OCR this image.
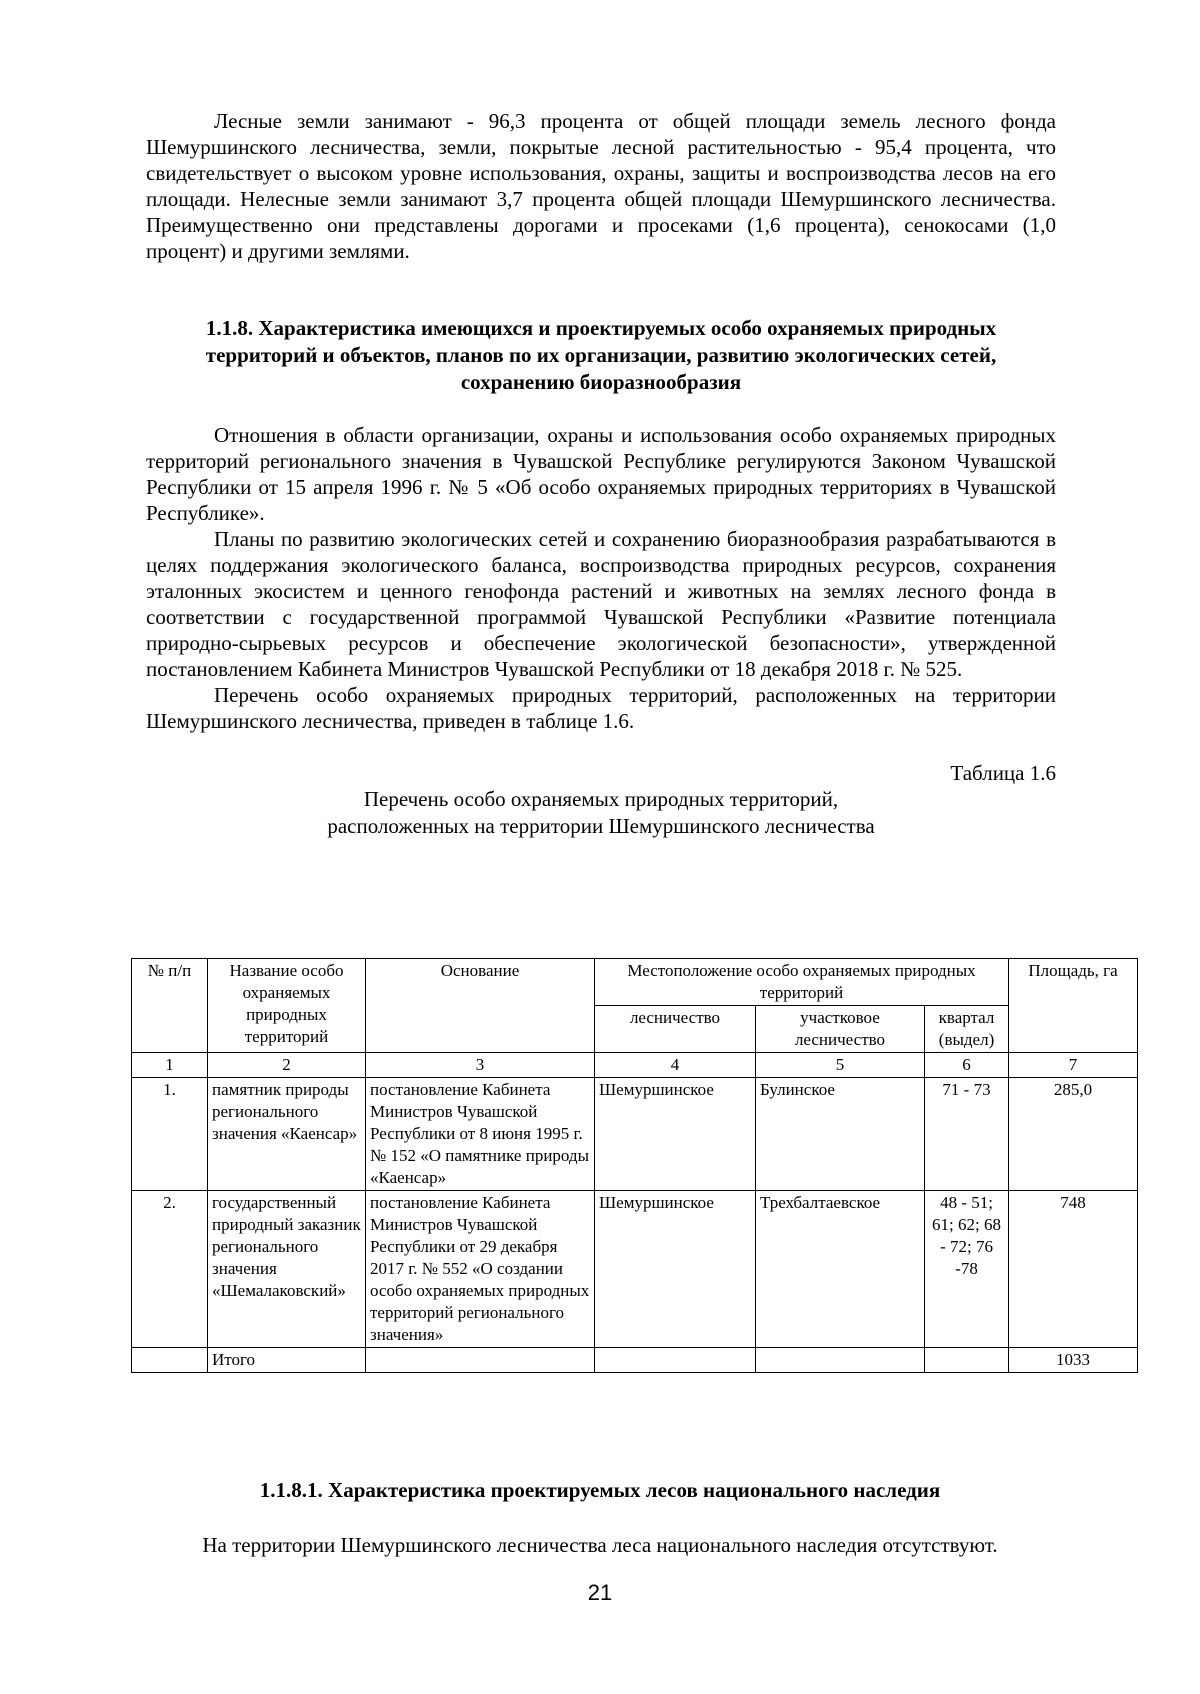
Лесные земли занимают - 96,3 процента от общей площади земель лесного фонда Шемуршинского лесничества, земли, покрытые лесной растительностью - 95,4 процента, что свидетельствует о высоком уровне использования, охраны, защиты и воспроизводства лесов на его площади. Нелесные земли занимают 3,7 процента общей площади Шемуршинского лесничества. Преимущественно они представлены дорогами и просеками (1,6 процента), сенокосами (1,0 процент) и другими землями.

1.1.8. Характеристика имеющихся и проектируемых особо охраняемых природных
территорий и объектов, планов по их организации, развитию экологических сетей,
сохранению биоразнообразия

Отношения в области организации, охраны и использования особо охраняемых природных территорий регионального значения в Чувашской Республике регулируются Законом Чувашской Республики от 15 апреля 1996 г. № 5 «Об особо охраняемых природных территориях в Чувашской Республике».

Планы по развитию экологических сетей и сохранению биоразнообразия разрабатываются в целях поддержания экологического баланса, воспроизводства природных ресурсов, сохранения эталонных экосистем и ценного генофонда растений и животных на землях лесного фонда в соответствии с государственной программой Чувашской Республики «Развитие потенциала природно-сырьевых ресурсов и обеспечение экологической безопасности», утвержденной постановлением Кабинета Министров Чувашской Республики от 18 декабря 2018 г. № 525.

Перечень особо охраняемых природных территорий, расположенных на территории Шемуршинского лесничества, приведен в таблице 1.6.

Таблица 1.6
Перечень особо охраняемых природных территорий,
расположенных на территории Шемуршинского лесничества
№ п/п	Название особо охраняемых природных территорий	Основание	Местоположение особо охраняемых природных территорий			Площадь, га
			лесничество	участковое лесничество	квартал (выдел)	
1	2	3	4	5	6	7
1.	памятник природы регионального значения «Каенсар»	постановление Кабинета Министров Чувашской Республики от 8 июня 1995 г. № 152 «О памятнике природы «Каенсар»	Шемуршинское	Булинское	71 - 73	285,0
2.	государственный природный заказник регионального значения «Шемалаковский»	постановление Кабинета Министров Чувашской Республики от 29 декабря 2017 г. № 552 «О создании особо охраняемых природных территорий регионального значения»	Шемуршинское	Трехбалтаевское	48 - 51; 61; 62; 68 - 72; 76 -78	748
	Итого					1033
1.1.8.1. Характеристика проектируемых лесов национального наследия
На территории Шемуршинского лесничества леса национального наследия отсутствуют.
21
